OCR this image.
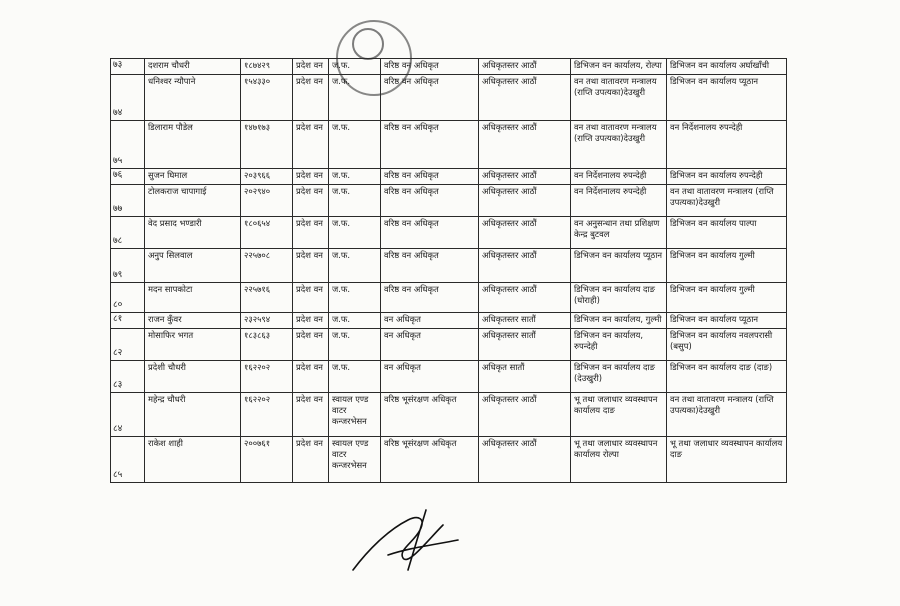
७३	दशराम चौधरी	१८७४२९	प्रदेश वन	ज.फ.	वरिष्ठ वन अधिकृत	अधिकृतस्तर आठौं	डिभिजन वन कार्यालय, रोल्पा	डिभिजन वन कार्यालय अर्घाखाँची
७४	धनिश्वर न्यौपाने	१५४३३०	प्रदेश वन	ज.फ.	वरिष्ठ वन अधिकृत	अधिकृतस्तर आठौं	वन तथा वातावरण मन्त्रालय (राप्ति उपत्यका)देउखुरी	डिभिजन वन कार्यालय प्यूठान
७५	डिलाराम पौडेल	१४७१७३	प्रदेश वन	ज.फ.	वरिष्ठ वन अधिकृत	अधिकृतस्तर आठौं	वन तथा वातावरण मन्त्रालय (राप्ति उपत्यका)देउखुरी	वन निर्देशनालय रुपन्देही
७६	सुजन घिमाल	२०३९६६	प्रदेश वन	ज.फ.	वरिष्ठ वन अधिकृत	अधिकृतस्तर आठौं	वन निर्देशनालय रुपन्देही	डिभिजन वन कार्यालय रुपन्देही
७७	टोलकराज चापागाई	२०२९४०	प्रदेश वन	ज.फ.	वरिष्ठ वन अधिकृत	अधिकृतस्तर आठौं	वन निर्देशनालय रुपन्देही	वन तथा वातावरण मन्त्रालय (राप्ति उपत्यका)देउखुरी
७८	वेद प्रसाद भण्डारी	१८०६५४	प्रदेश वन	ज.फ.	वरिष्ठ वन अधिकृत	अधिकृतस्तर आठौं	वन अनुसन्धान तथा प्रशिक्षण केन्द्र बुटवल	डिभिजन वन कार्यालय पाल्पा
७९	अनुप सिलवाल	२२५७०८	प्रदेश वन	ज.फ.	वरिष्ठ वन अधिकृत	अधिकृतस्तर आठौं	डिभिजन वन कार्यालय प्यूठान	डिभिजन वन कार्यालय गुल्मी
८०	मदन सापकोटा	२२५७१६	प्रदेश वन	ज.फ.	वरिष्ठ वन अधिकृत	अधिकृतस्तर आठौं	डिभिजन वन कार्यालय दाङ (घोराही)	डिभिजन वन कार्यालय गुल्मी
८१	राजन कुँवर	२३२५९४	प्रदेश वन	ज.फ.	वन अधिकृत	अधिकृतस्तर सातौं	डिभिजन वन कार्यालय, गुल्मी	डिभिजन वन कार्यालय प्यूठान
८२	मोसाफिर भगत	१८३८६३	प्रदेश वन	ज.फ.	वन अधिकृत	अधिकृतस्तर सातौं	डिभिजन वन कार्यालय, रुपन्देही	डिभिजन वन कार्यालय नवलपरासी (बसुप)
८३	प्रदेशी चौधरी	१६२२०२	प्रदेश वन	ज.फ.	वन अधिकृत	अधिकृत सातौं	डिभिजन वन कार्यालय दाङ (देउखुरी)	डिभिजन वन कार्यालय दाङ (दाङ)
८४	महेन्द्र चौधरी	१६२२०२	प्रदेश वन	स्वायल एण्ड वाटर कन्जरभेसन	वरिष्ठ भूसंरक्षण अधिकृत	अधिकृतस्तर आठौं	भू तथा जलाधार व्यवस्थापन कार्यालय दाङ	वन तथा वातावरण मन्त्रालय (राप्ति उपत्यका)देउखुरी
८५	राकेश शाही	२००७६१	प्रदेश वन	स्वायल एण्ड वाटर कन्जरभेसन	वरिष्ठ भूसंरक्षण अधिकृत	अधिकृतस्तर आठौं	भू तथा जलाधार व्यवस्थापन कार्यालय रोल्पा	भू तथा जलाधार व्यवस्थापन कार्यालय दाङ
